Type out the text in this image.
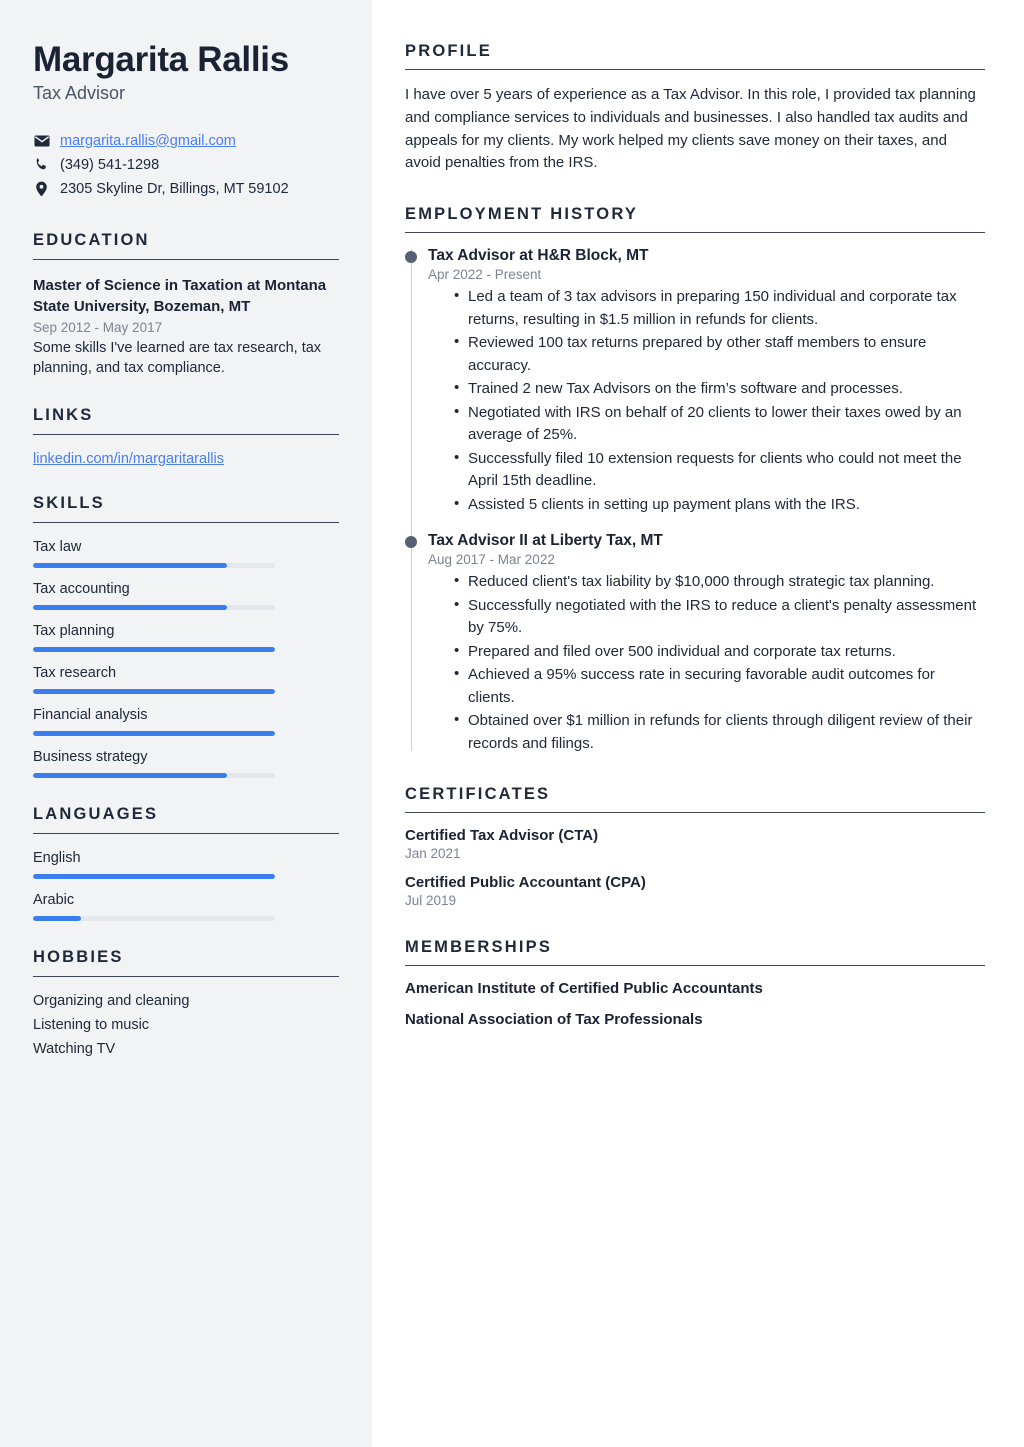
Margarita Rallis
Tax Advisor
margarita.rallis@gmail.com
(349) 541-1298
2305 Skyline Dr, Billings, MT 59102
EDUCATION
Master of Science in Taxation at Montana State University, Bozeman, MT
Sep 2012 - May 2017

Some skills I've learned are tax research, tax planning, and tax compliance.

LINKS
linkedin.com/in/margaritarallis
SKILLS
Tax law
Tax accounting
Tax planning
Tax research
Financial analysis
Business strategy
LANGUAGES
English
Arabic
HOBBIES
Organizing and cleaning
Listening to music
Watching TV
PROFILE

I have over 5 years of experience as a Tax Advisor. In this role, I provided tax planning and compliance services to individuals and businesses. I also handled tax audits and appeals for my clients. My work helped my clients save money on their taxes, and avoid penalties from the IRS.

EMPLOYMENT HISTORY
Tax Advisor at H&R Block, MT
Apr 2022 - Present
• Led a team of 3 tax advisors in preparing 150 individual and corporate tax returns, resulting in $1.5 million in refunds for clients.
• Reviewed 100 tax returns prepared by other staff members to ensure accuracy.
• Trained 2 new Tax Advisors on the firm’s software and processes.
• Negotiated with IRS on behalf of 20 clients to lower their taxes owed by an average of 25%.
• Successfully filed 10 extension requests for clients who could not meet the April 15th deadline.
• Assisted 5 clients in setting up payment plans with the IRS.
Tax Advisor II at Liberty Tax, MT
Aug 2017 - Mar 2022
• Reduced client's tax liability by $10,000 through strategic tax planning.
• Successfully negotiated with the IRS to reduce a client's penalty assessment by 75%.
• Prepared and filed over 500 individual and corporate tax returns.
• Achieved a 95% success rate in securing favorable audit outcomes for clients.
• Obtained over $1 million in refunds for clients through diligent review of their records and filings.
CERTIFICATES
Certified Tax Advisor (CTA)
Jan 2021
Certified Public Accountant (CPA)
Jul 2019
MEMBERSHIPS
American Institute of Certified Public Accountants
National Association of Tax Professionals
